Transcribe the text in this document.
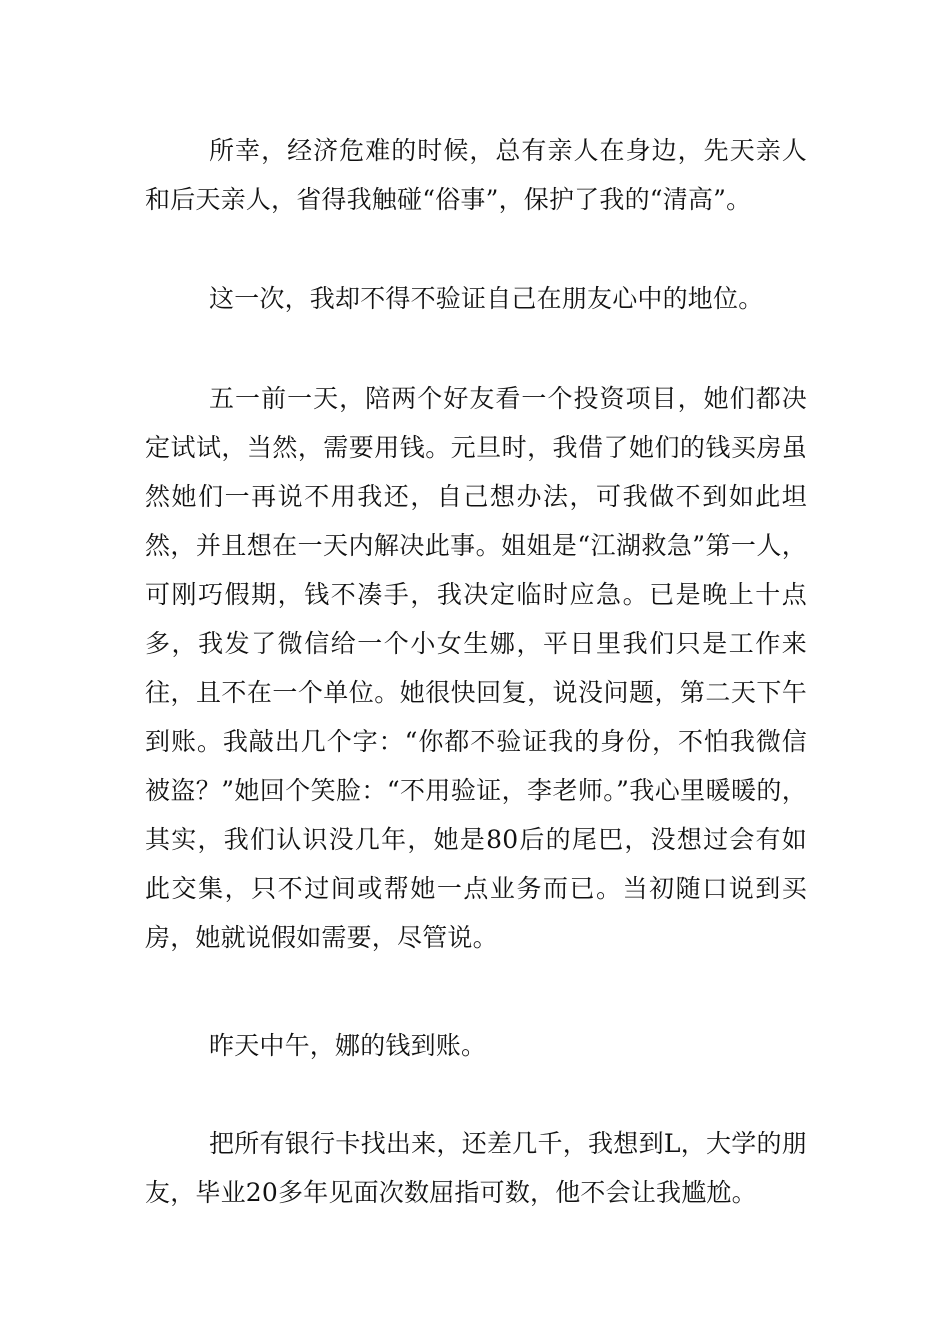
所幸，经济危难的时候，总有亲人在身边，先天亲人和后天亲人，省得我触碰“俗事”，保护了我的“清高”。

这一次，我却不得不验证自己在朋友心中的地位。

五一前一天，陪两个好友看一个投资项目，她们都决定试试，当然，需要用钱。元旦时，我借了她们的钱买房虽然她们一再说不用我还，自己想办法，可我做不到如此坦然，并且想在一天内解决此事。姐姐是“江湖救急”第一人，可刚巧假期，钱不凑手，我决定临时应急。已是晚上十点多，我发了微信给一个小女生娜，平日里我们只是工作来往，且不在一个单位。她很快回复，说没问题，第二天下午到账。我敲出几个字：“你都不验证我的身份，不怕我微信被盗？”她回个笑脸：“不用验证，李老师。”我心里暖暖的，其实，我们认识没几年，她是80后的尾巴，没想过会有如此交集，只不过间或帮她一点业务而已。当初随口说到买房，她就说假如需要，尽管说。

昨天中午，娜的钱到账。

把所有银行卡找出来，还差几千，我想到L，大学的朋友，毕业20多年见面次数屈指可数，他不会让我尴尬。
